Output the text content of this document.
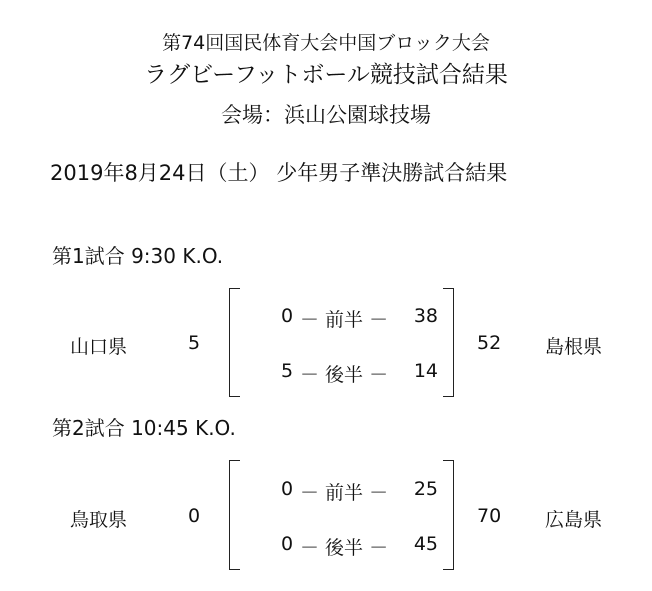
第74回国民体育大会中国ブロック大会
ラグビーフットボール競技試合結果
会場：浜山公園球技場
2019年8月24日（土） 少年男子準決勝試合結果
第1試合 9:30 K.O.
山口県	5
0 － 前半 －	38
5 － 後半 －	14
52 島根県
第2試合 10:45 K.O.
鳥取県	0
0 － 前半 －	25
0 － 後半 －	45
70 広島県
